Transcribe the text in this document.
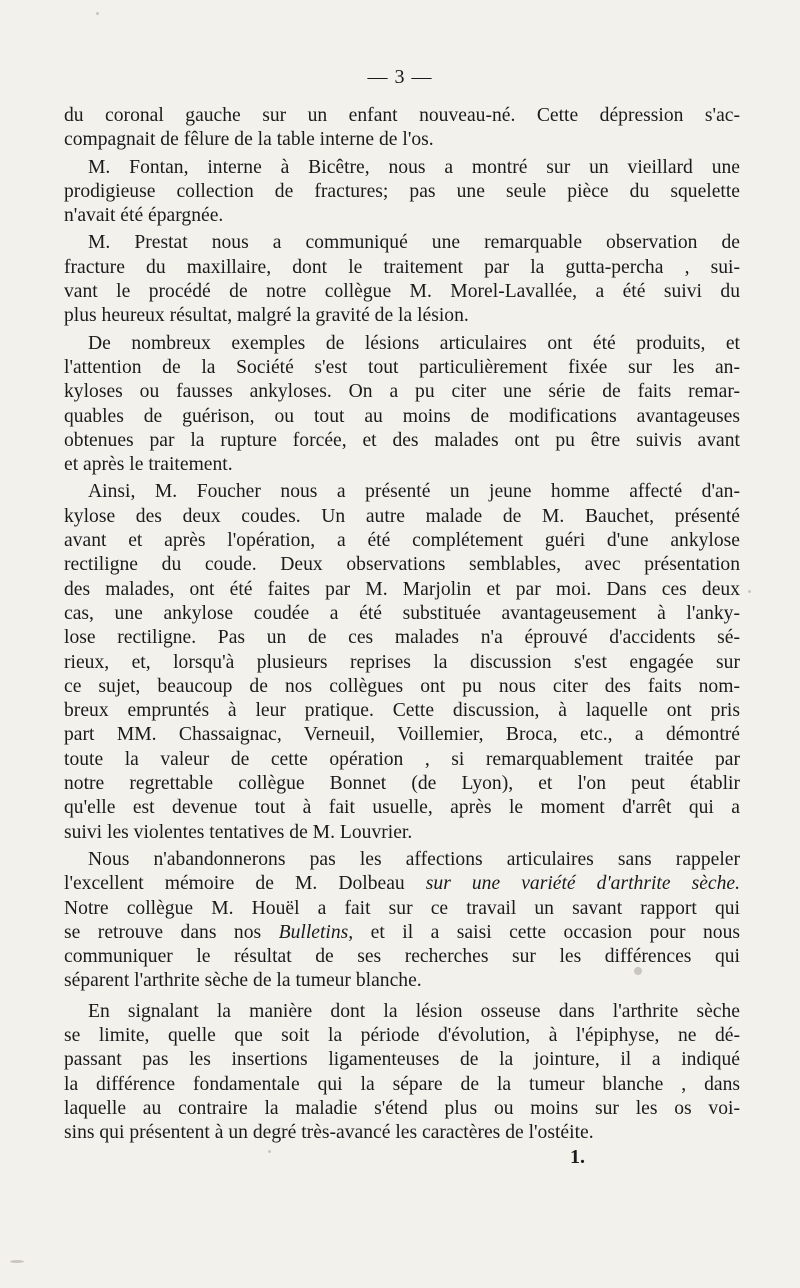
— 3 —
du coronal gauche sur un enfant nouveau-né. Cette dépression s'ac-
compagnait de fêlure de la table interne de l'os.
M. Fontan, interne à Bicêtre, nous a montré sur un vieillard une
prodigieuse collection de fractures; pas une seule pièce du squelette
n'avait été épargnée.
M. Prestat nous a communiqué une remarquable observation de
fracture du maxillaire, dont le traitement par la gutta-percha , sui-
vant le procédé de notre collègue M. Morel-Lavallée, a été suivi du
plus heureux résultat, malgré la gravité de la lésion.
De nombreux exemples de lésions articulaires ont été produits, et
l'attention de la Société s'est tout particulièrement fixée sur les an-
kyloses ou fausses ankyloses. On a pu citer une série de faits remar-
quables de guérison, ou tout au moins de modifications avantageuses
obtenues par la rupture forcée, et des malades ont pu être suivis avant
et après le traitement.
Ainsi, M. Foucher nous a présenté un jeune homme affecté d'an-
kylose des deux coudes. Un autre malade de M. Bauchet, présenté
avant et après l'opération, a été complétement guéri d'une ankylose
rectiligne du coude. Deux observations semblables, avec présentation
des malades, ont été faites par M. Marjolin et par moi. Dans ces deux
cas, une ankylose coudée a été substituée avantageusement à l'anky-
lose rectiligne. Pas un de ces malades n'a éprouvé d'accidents sé-
rieux, et, lorsqu'à plusieurs reprises la discussion s'est engagée sur
ce sujet, beaucoup de nos collègues ont pu nous citer des faits nom-
breux empruntés à leur pratique. Cette discussion, à laquelle ont pris
part MM. Chassaignac, Verneuil, Voillemier, Broca, etc., a démontré
toute la valeur de cette opération , si remarquablement traitée par
notre regrettable collègue Bonnet (de Lyon), et l'on peut établir
qu'elle est devenue tout à fait usuelle, après le moment d'arrêt qui a
suivi les violentes tentatives de M. Louvrier.
Nous n'abandonnerons pas les affections articulaires sans rappeler
l'excellent mémoire de M. Dolbeau sur une variété d'arthrite sèche.
Notre collègue M. Houël a fait sur ce travail un savant rapport qui
se retrouve dans nos Bulletins, et il a saisi cette occasion pour nous
communiquer le résultat de ses recherches sur les différences qui
séparent l'arthrite sèche de la tumeur blanche.
En signalant la manière dont la lésion osseuse dans l'arthrite sèche
se limite, quelle que soit la période d'évolution, à l'épiphyse, ne dé-
passant pas les insertions ligamenteuses de la jointure, il a indiqué
la différence fondamentale qui la sépare de la tumeur blanche , dans
laquelle au contraire la maladie s'étend plus ou moins sur les os voi-
sins qui présentent à un degré très-avancé les caractères de l'ostéite.
1.
